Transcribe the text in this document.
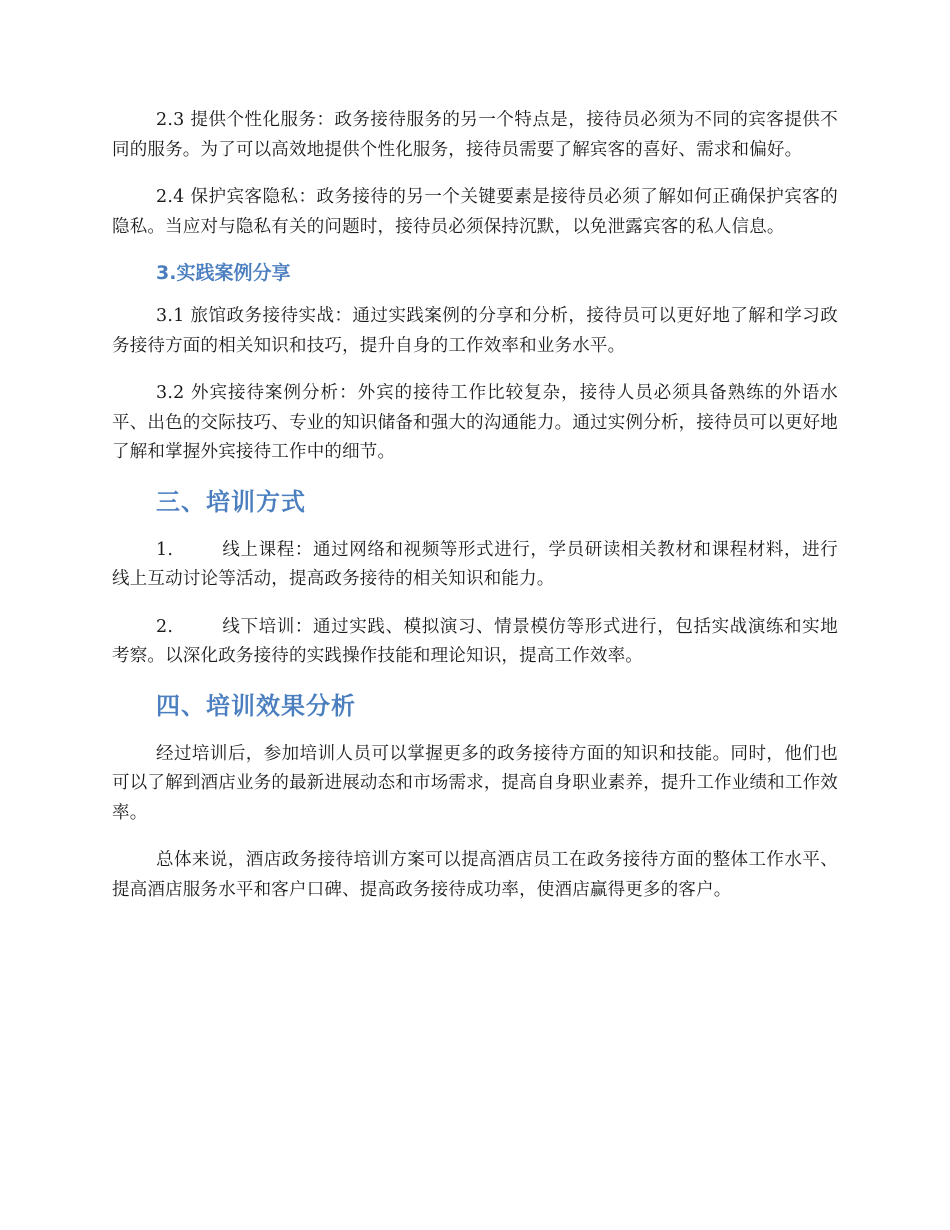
2.3 提供个性化服务：政务接待服务的另一个特点是，接待员必须为不同的宾客提供不同的服务。为了可以高效地提供个性化服务，接待员需要了解宾客的喜好、需求和偏好。

2.4 保护宾客隐私：政务接待的另一个关键要素是接待员必须了解如何正确保护宾客的隐私。当应对与隐私有关的问题时，接待员必须保持沉默，以免泄露宾客的私人信息。

3.实践案例分享

3.1 旅馆政务接待实战：通过实践案例的分享和分析，接待员可以更好地了解和学习政务接待方面的相关知识和技巧，提升自身的工作效率和业务水平。

3.2 外宾接待案例分析：外宾的接待工作比较复杂，接待人员必须具备熟练的外语水平、出色的交际技巧、专业的知识储备和强大的沟通能力。通过实例分析，接待员可以更好地了解和掌握外宾接待工作中的细节。

三、培训方式

1.	线上课程：通过网络和视频等形式进行，学员研读相关教材和课程材料，进行线上互动讨论等活动，提高政务接待的相关知识和能力。

2.	线下培训：通过实践、模拟演习、情景模仿等形式进行，包括实战演练和实地考察。以深化政务接待的实践操作技能和理论知识，提高工作效率。

四、培训效果分析

经过培训后，参加培训人员可以掌握更多的政务接待方面的知识和技能。同时，他们也可以了解到酒店业务的最新进展动态和市场需求，提高自身职业素养，提升工作业绩和工作效率。

总体来说，酒店政务接待培训方案可以提高酒店员工在政务接待方面的整体工作水平、提高酒店服务水平和客户口碑、提高政务接待成功率，使酒店赢得更多的客户。
